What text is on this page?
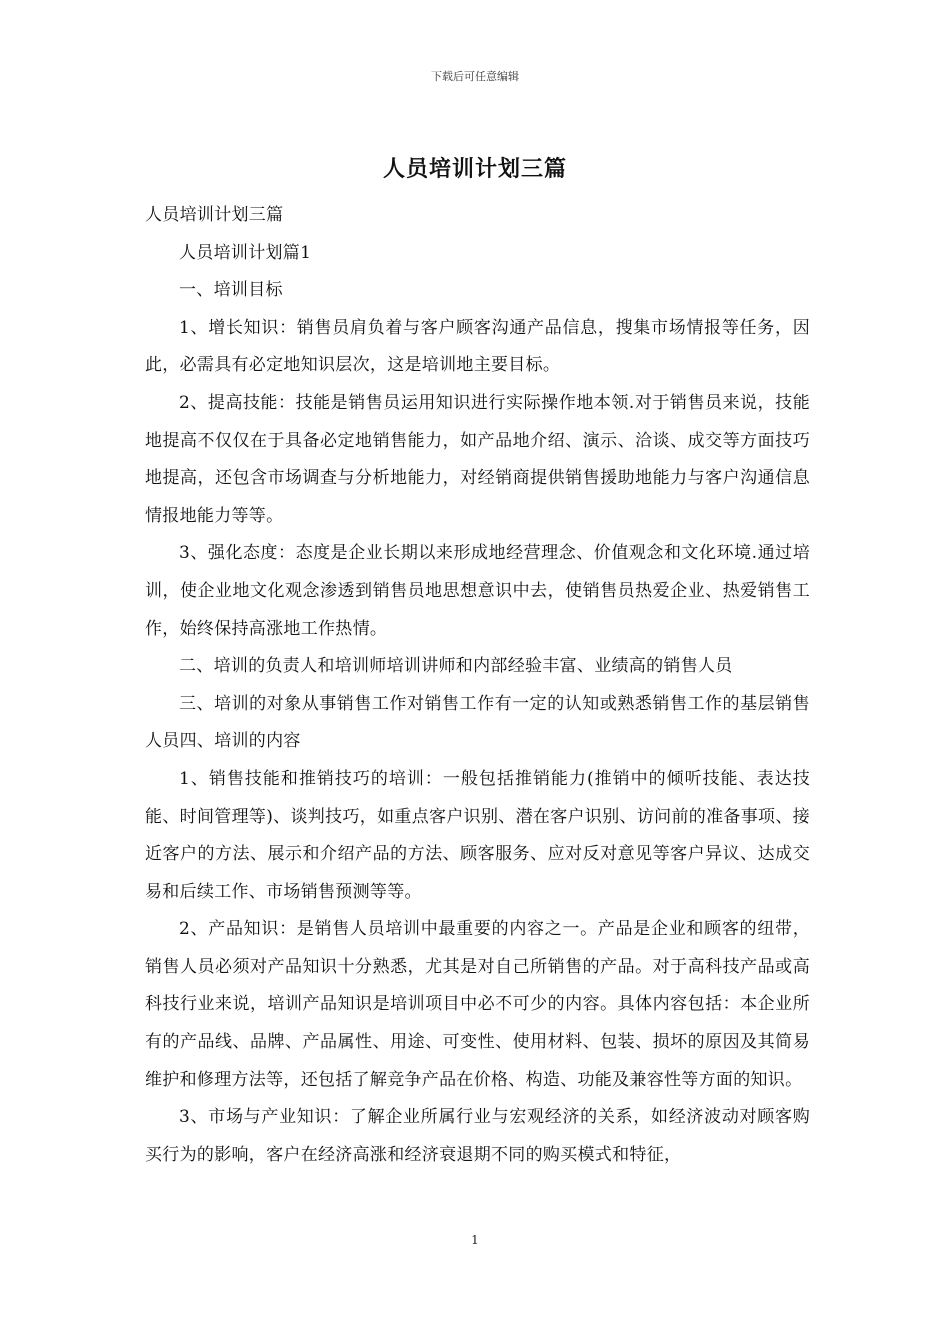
下载后可任意编辑
人员培训计划三篇

人员培训计划三篇

人员培训计划篇1

一、培训目标

1、增长知识：销售员肩负着与客户顾客沟通产品信息，搜集市场情报等任务，因此，必需具有必定地知识层次，这是培训地主要目标。

2、提高技能：技能是销售员运用知识进行实际操作地本领.对于销售员来说，技能地提高不仅仅在于具备必定地销售能力，如产品地介绍、演示、洽谈、成交等方面技巧地提高，还包含市场调查与分析地能力，对经销商提供销售援助地能力与客户沟通信息情报地能力等等。

3、强化态度：态度是企业长期以来形成地经营理念、价值观念和文化环境.通过培训，使企业地文化观念渗透到销售员地思想意识中去，使销售员热爱企业、热爱销售工作，始终保持高涨地工作热情。

二、培训的负责人和培训师培训讲师和内部经验丰富、业绩高的销售人员

三、培训的对象从事销售工作对销售工作有一定的认知或熟悉销售工作的基层销售人员四、培训的内容

1、销售技能和推销技巧的培训：一般包括推销能力(推销中的倾听技能、表达技能、时间管理等)、谈判技巧，如重点客户识别、潜在客户识别、访问前的准备事项、接近客户的方法、展示和介绍产品的方法、顾客服务、应对反对意见等客户异议、达成交易和后续工作、市场销售预测等等。

2、产品知识：是销售人员培训中最重要的内容之一。产品是企业和顾客的纽带，销售人员必须对产品知识十分熟悉，尤其是对自己所销售的产品。对于高科技产品或高科技行业来说，培训产品知识是培训项目中必不可少的内容。具体内容包括：本企业所有的产品线、品牌、产品属性、用途、可变性、使用材料、包装、损坏的原因及其简易维护和修理方法等，还包括了解竞争产品在价格、构造、功能及兼容性等方面的知识。

3、市场与产业知识：了解企业所属行业与宏观经济的关系，如经济波动对顾客购买行为的影响，客户在经济高涨和经济衰退期不同的购买模式和特征，

1
